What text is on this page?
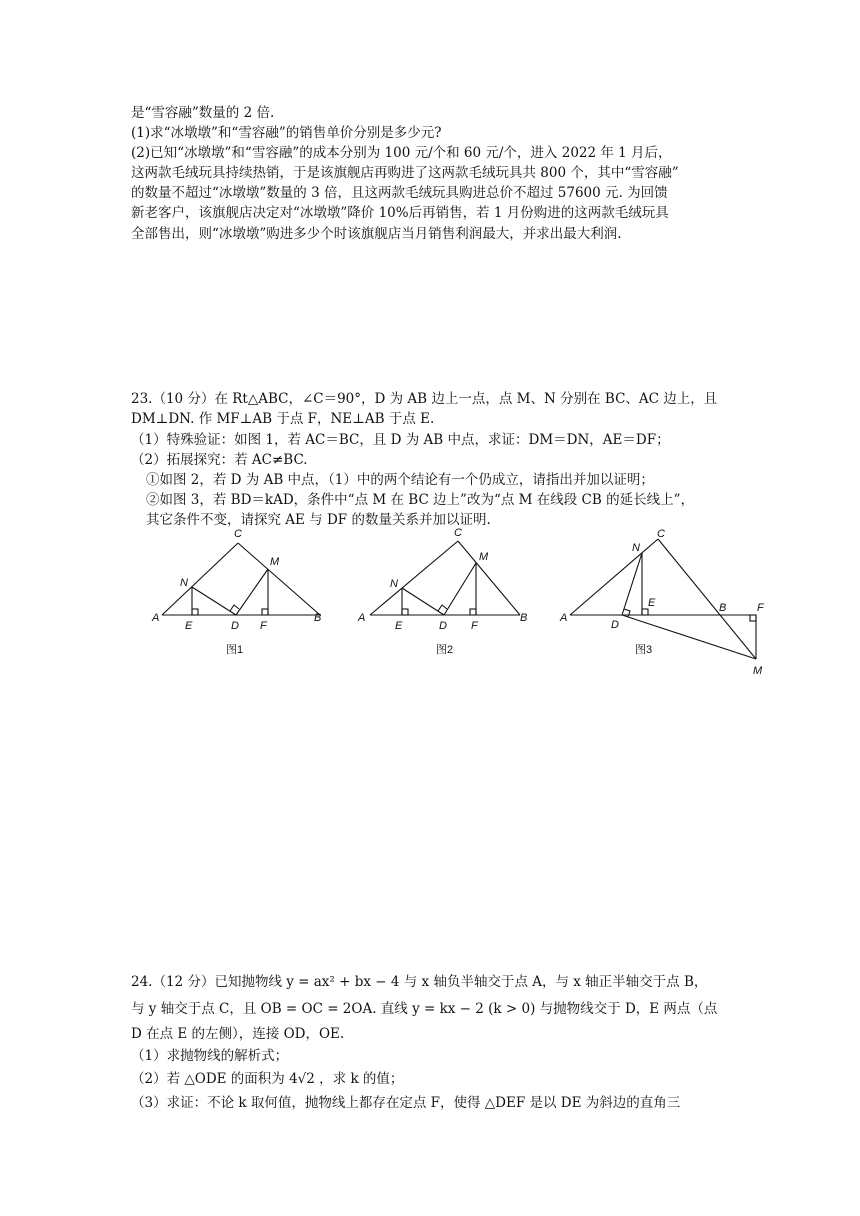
是“雪容融”数量的 2 倍.
(1)求“冰墩墩”和“雪容融”的销售单价分别是多少元?
(2)已知“冰墩墩”和“雪容融”的成本分别为 100 元/个和 60 元/个，进入 2022 年 1 月后，
这两款毛绒玩具持续热销，于是该旗舰店再购进了这两款毛绒玩具共 800 个，其中“雪容融”
的数量不超过“冰墩墩”数量的 3 倍，且这两款毛绒玩具购进总价不超过 57600 元. 为回馈
新老客户，该旗舰店决定对“冰墩墩”降价 10%后再销售，若 1 月份购进的这两款毛绒玩具
全部售出，则“冰墩墩”购进多少个时该旗舰店当月销售利润最大，并求出最大利润.
23.（10 分）在 Rt△ABC，∠C＝90°，D 为 AB 边上一点，点 M、N 分别在 BC、AC 边上，且
DM⊥DN. 作 MF⊥AB 于点 F，NE⊥AB 于点 E.
（1）特殊验证：如图 1，若 AC＝BC，且 D 为 AB 中点，求证：DM＝DN，AE＝DF；
（2）拓展探究：若 AC≠BC.
①如图 2，若 D 为 AB 中点，（1）中的两个结论有一个仍成立，请指出并加以证明；
②如图 3，若 BD＝kAD，条件中“点 M 在 BC 边上”改为“点 M 在线段 CB 的延长线上”，
其它条件不变，请探究 AE 与 DF 的数量关系并加以证明.
C
M
N
A
E	D F
B
图1
C
M
N
A
E	D F
B
图2
C
N
E
A
D
B	F
M
图3
24.（12 分）已知抛物线 y = ax² + bx − 4 与 x 轴负半轴交于点 A，与 x 轴正半轴交于点 B，
与 y 轴交于点 C，且 OB = OC = 2OA. 直线 y = kx − 2 (k > 0) 与抛物线交于 D，E 两点（点
D 在点 E 的左侧），连接 OD，OE.
（1）求抛物线的解析式；
（2）若 △ODE 的面积为 4√2 ，求 k 的值；
（3）求证：不论 k 取何值，抛物线上都存在定点 F，使得 △DEF 是以 DE 为斜边的直角三
